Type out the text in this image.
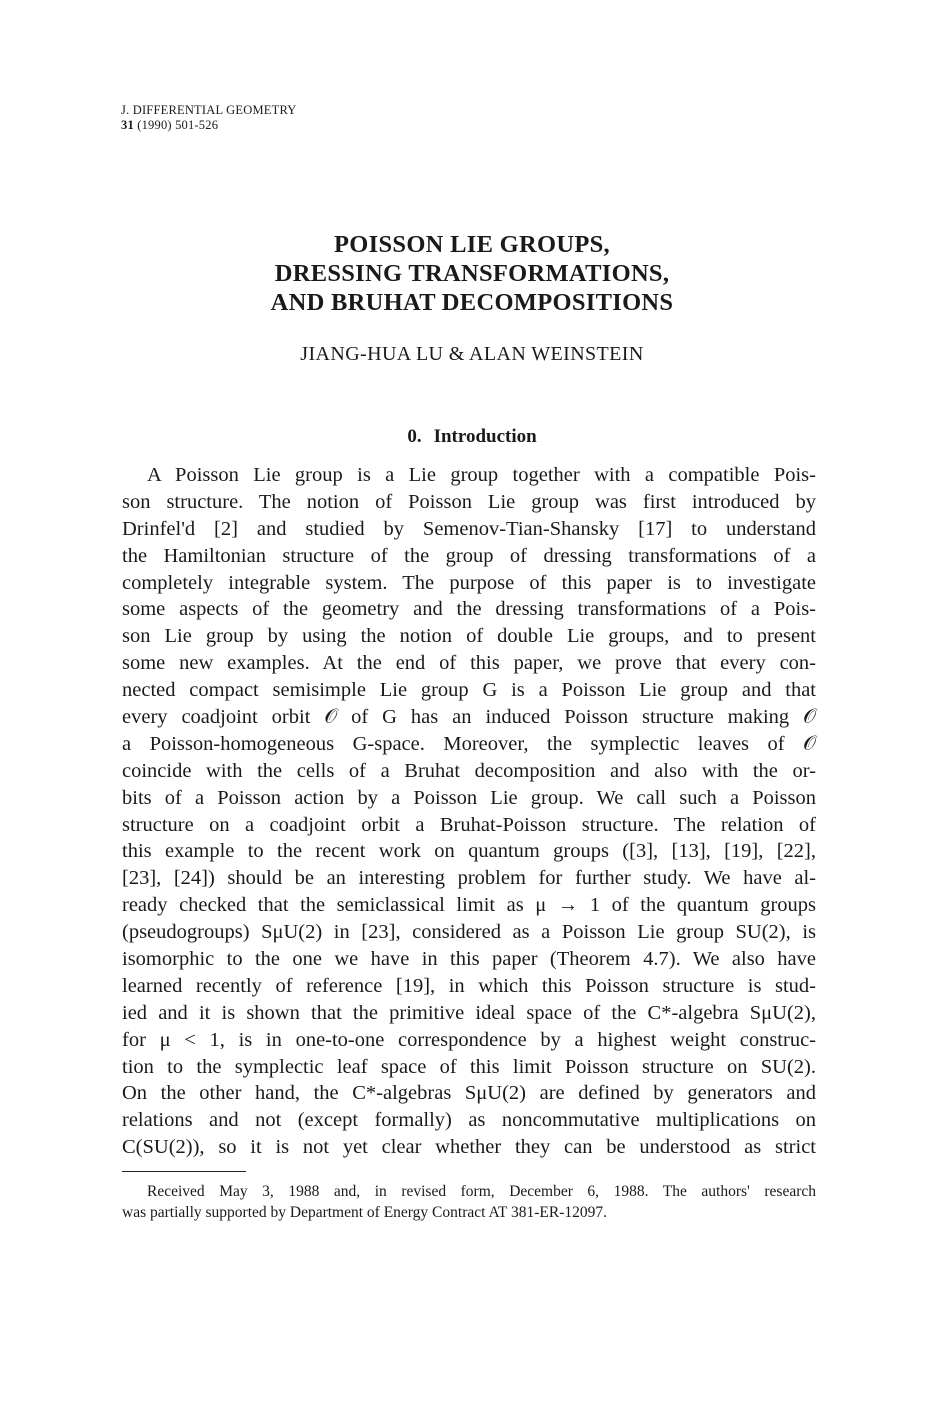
J. DIFFERENTIAL GEOMETRY
31 (1990) 501-526
POISSON LIE GROUPS,
DRESSING TRANSFORMATIONS,
AND BRUHAT DECOMPOSITIONS
JIANG-HUA LU & ALAN WEINSTEIN
0. Introduction
A Poisson Lie group is a Lie group together with a compatible Pois-
son structure. The notion of Poisson Lie group was first introduced by
Drinfel'd [2] and studied by Semenov-Tian-Shansky [17] to understand
the Hamiltonian structure of the group of dressing transformations of a
completely integrable system. The purpose of this paper is to investigate
some aspects of the geometry and the dressing transformations of a Pois-
son Lie group by using the notion of double Lie groups, and to present
some new examples. At the end of this paper, we prove that every con-
nected compact semisimple Lie group G is a Poisson Lie group and that
every coadjoint orbit 𝒪 of G has an induced Poisson structure making 𝒪
a Poisson-homogeneous G-space. Moreover, the symplectic leaves of 𝒪
coincide with the cells of a Bruhat decomposition and also with the or-
bits of a Poisson action by a Poisson Lie group. We call such a Poisson
structure on a coadjoint orbit a Bruhat-Poisson structure. The relation of
this example to the recent work on quantum groups ([3], [13], [19], [22],
[23], [24]) should be an interesting problem for further study. We have al-
ready checked that the semiclassical limit as μ → 1 of the quantum groups
(pseudogroups) SμU(2) in [23], considered as a Poisson Lie group SU(2), is
isomorphic to the one we have in this paper (Theorem 4.7). We also have
learned recently of reference [19], in which this Poisson structure is stud-
ied and it is shown that the primitive ideal space of the C*-algebra SμU(2),
for μ < 1, is in one-to-one correspondence by a highest weight construc-
tion to the symplectic leaf space of this limit Poisson structure on SU(2).
On the other hand, the C*-algebras SμU(2) are defined by generators and
relations and not (except formally) as noncommutative multiplications on
C(SU(2)), so it is not yet clear whether they can be understood as strict
Received May 3, 1988 and, in revised form, December 6, 1988. The authors' research
was partially supported by Department of Energy Contract AT 381-ER-12097.
